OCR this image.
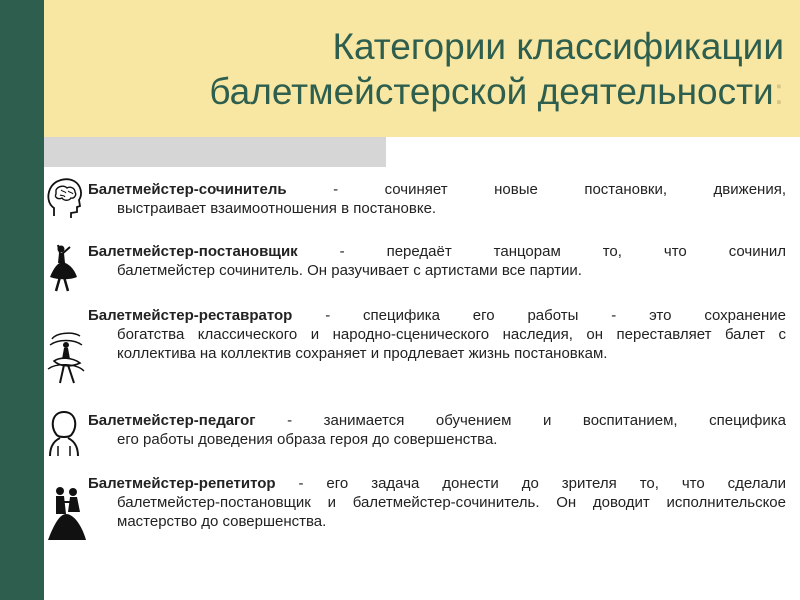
Категории классификации
балетмейстерской деятельности:
Балетмейстер-сочинитель - сочиняет новые постановки, движения,
выстраивает взаимоотношения в постановке.
Балетмейстер-постановщик - передаёт танцорам то, что сочинил
балетмейстер сочинитель. Он разучивает с артистами все партии.
Балетмейстер-реставратор - специфика его работы - это сохранение
богатства классического и народно-сценического наследия, он переставляет балет с коллектива на коллектив сохраняет и продлевает жизнь постановкам.
Балетмейстер-педагог - занимается обучением и воспитанием, специфика
его работы доведения образа героя до совершенства.
Балетмейстер-репетитор - его задача донести до зрителя то, что сделали
балетмейстер-постановщик и балетмейстер-сочинитель. Он доводит исполнительское мастерство до совершенства.
